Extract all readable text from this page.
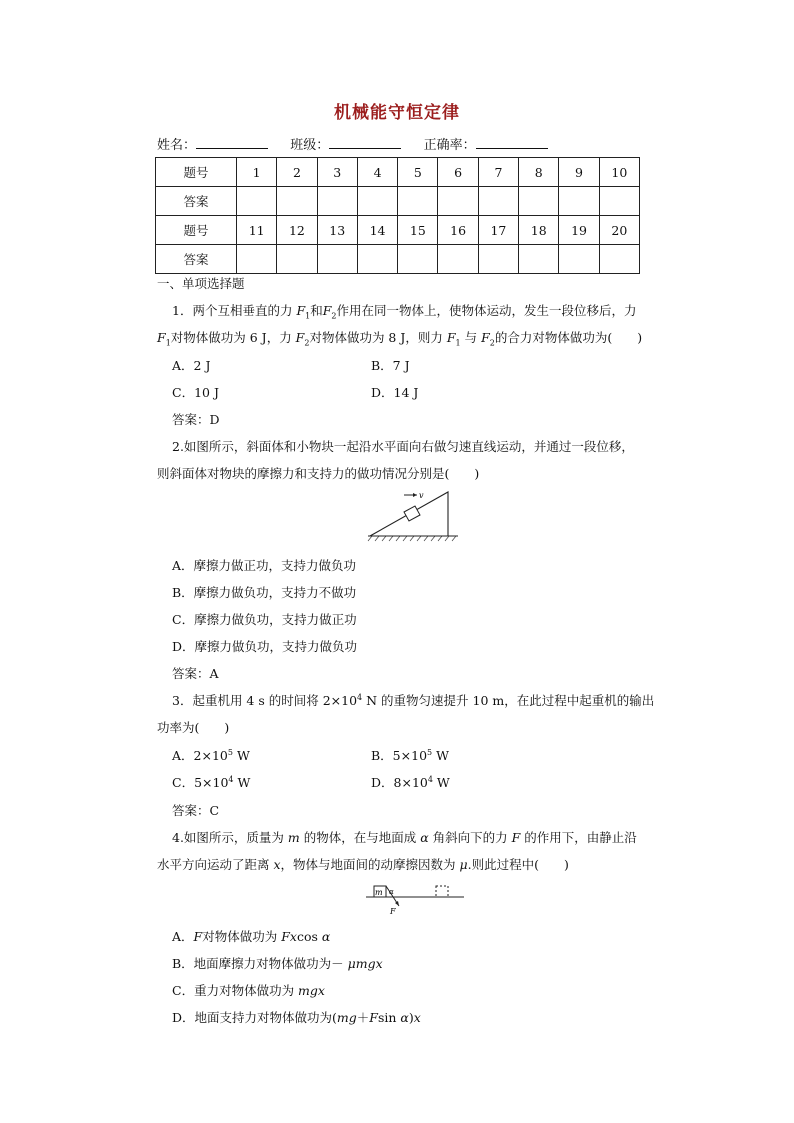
机械能守恒定律
姓名：	班级：	正确率：
题号	1	2	3	4	5	6	7	8	9	10
答案										
题号	11	12	13	14	15	16	17	18	19	20
答案										
一、单项选择题
1．两个互相垂直的力 $F_1$和$F_2$作用在同一物体上，使物体运动，发生一段位移后，力
$F_1$对物体做功为 6 J，力 $F_2$对物体做功为 8 J，则力 $F_1$ 与 $F_2$的合力对物体做功为(　　)
A．2 J	B．7 J
C．10 J	D．14 J
答案：D
2.如图所示，斜面体和小物块一起沿水平面向右做匀速直线运动，并通过一段位移，
则斜面体对物块的摩擦力和支持力的做功情况分别是(　　)
v
A．摩擦力做正功，支持力做负功
B．摩擦力做负功，支持力不做功
C．摩擦力做负功，支持力做正功
D．摩擦力做负功，支持力做负功
答案：A
3．起重机用 4 s 的时间将 $2\times 10^4$ N 的重物匀速提升 10 m，在此过程中起重机的输出
功率为(　　)
A．$2\times 10^5$ W	B．$5\times 10^5$ W
C．$5\times 10^4$ W	D．$8\times 10^4$ W
答案：C
4.如图所示，质量为 m 的物体，在与地面成 α 角斜向下的力 F 的作用下，由静止沿
水平方向运动了距离 x，物体与地面间的动摩擦因数为 μ.则此过程中(　　)
m α
F
A．F对物体做功为 Fxcos α
B．地面摩擦力对物体做功为－ μmgx
C．重力对物体做功为 mgx
D．地面支持力对物体做功为(mg＋Fsin α)x
